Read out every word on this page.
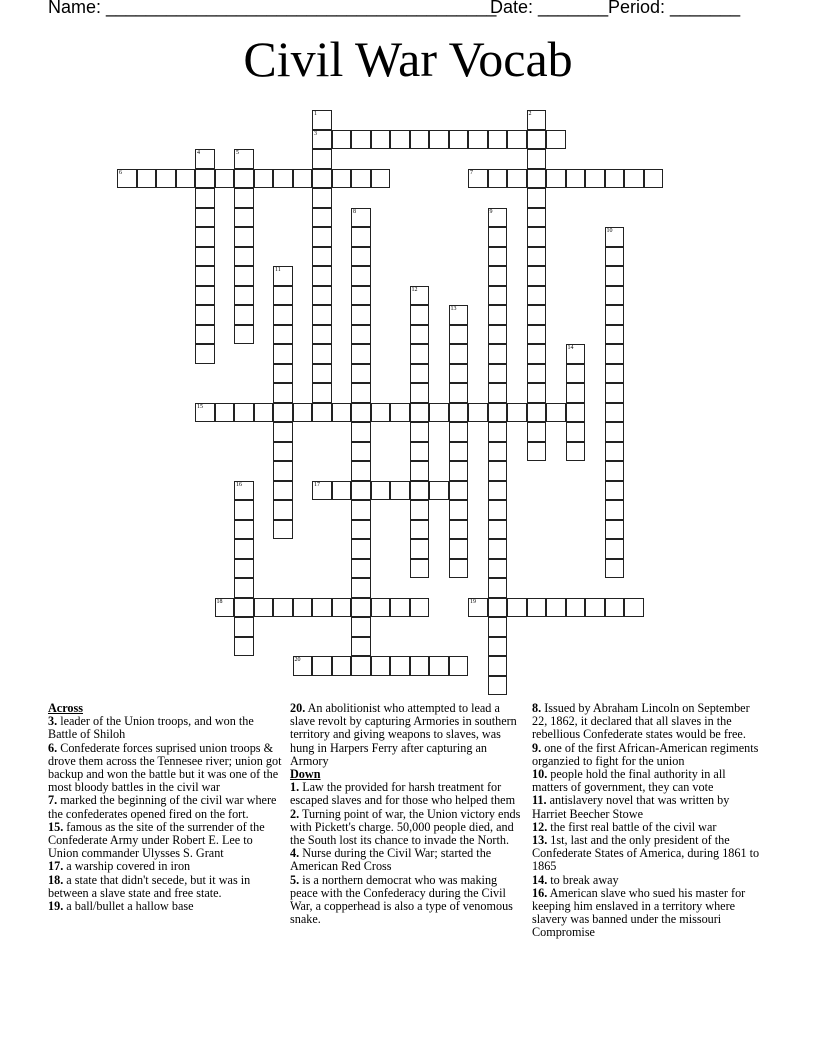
Name: _______________________________________
Date: _______ Period: _______
Civil War Vocab
1
3
2
4	5
6	7
8	9
10
11
12
13
14
15
16	17
18	19
20
Across
3. leader of the Union troops, and won the Battle of Shiloh
6. Confederate forces suprised union troops & drove them across the Tennesee river; union got backup and won the battle but it was one of the most bloody battles in the civil war
7. marked the beginning of the civil war where the confederates opened fired on the fort.
15. famous as the site of the surrender of the Confederate Army under Robert E. Lee to Union commander Ulysses S. Grant
17. a warship covered in iron
18. a state that didn't secede, but it was in between a slave state and free state.
19. a ball/bullet a hallow base
20. An abolitionist who attempted to lead a slave revolt by capturing Armories in southern territory and giving weapons to slaves, was hung in Harpers Ferry after capturing an Armory
Down
1. Law the provided for harsh treatment for escaped slaves and for those who helped them
2. Turning point of war, the Union victory ends with Pickett's charge. 50,000 people died, and the South lost its chance to invade the North.
4. Nurse during the Civil War; started the American Red Cross
5. is a northern democrat who was making peace with the Confederacy during the Civil War, a copperhead is also a type of venomous snake.
8. Issued by Abraham Lincoln on September 22, 1862, it declared that all slaves in the rebellious Confederate states would be free.
9. one of the first African-American regiments organzied to fight for the union
10. people hold the final authority in all matters of government, they can vote
11. antislavery novel that was written by Harriet Beecher Stowe
12. the first real battle of the civil war
13. 1st, last and the only president of the Confederate States of America, during 1861 to 1865
14. to break away
16. American slave who sued his master for keeping him enslaved in a territory where slavery was banned under the missouri Compromise
